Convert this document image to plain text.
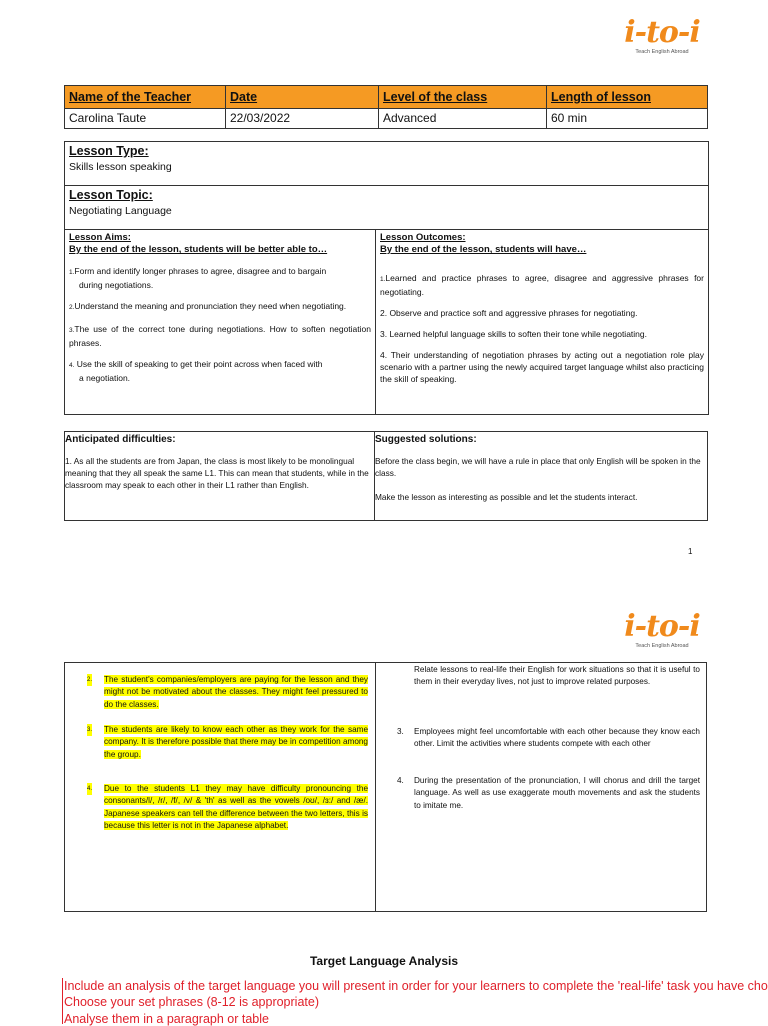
i-to-i
Teach English Abroad
Name of the Teacher	Date	Level of the class	Length of lesson
Carolina Taute	22/03/2022	Advanced	60 min
Lesson Type:
Skills lesson speaking

Lesson Topic:
Negotiating Language

Lesson Aims:
By the end of the lesson, students will be better able to…
1.Form and identify longer phrases to agree, disagree and to bargain
during negotiations.
2.Understand the meaning and pronunciation they need when negotiating.
3.The use of the correct tone during negotiations. How to soften negotiation phrases.
4. Use the skill of speaking to get their point across when faced with
a negotiation.

Lesson Outcomes:
By the end of the lesson, students will have…
1.Learned and practice phrases to agree, disagree and aggressive phrases for negotiating.
2. Observe and practice soft and aggressive phrases for negotiating.
3. Learned helpful language skills to soften their tone while negotiating.
4. Their understanding of negotiation phrases by acting out a negotiation role play scenario with a partner using the newly acquired target language whilst also practicing the skill of speaking.
Anticipated difficulties:
1. As all the students are from Japan, the class is most likely to be monolingual meaning that they all speak the same L1. This can mean that students, while in the classroom may speak to each other in their L1 rather than English.

Suggested solutions:
Before the class begin, we will have a rule in place that only English will be spoken in the class.
Make the lesson as interesting as possible and let the students interact.
1
i-to-i
Teach English Abroad
2. The student's companies/employers are paying for the lesson and they might not be motivated about the classes. They might feel pressured to do the classes.
3. The students are likely to know each other as they work for the same company. It is therefore possible that there may be in competition among the group.
4. Due to the students L1 they may have difficulty pronouncing the consonants/l/, /r/, /f/, /v/ & 'th' as well as the vowels /oʊ/, /ɜ:/ and /æ/. Japanese speakers can tell the difference between the two letters, this is because this letter is not in the Japanese alphabet.
Relate lessons to real-life their English for work situations so that it is useful to them in their everyday lives, not just to improve related purposes.
3. Employees might feel uncomfortable with each other because they know each other. Limit the activities where students compete with each other
4. During the presentation of the pronunciation, I will chorus and drill the target language. As well as use exaggerate mouth movements and ask the students to imitate me.
Target Language Analysis
Include an analysis of the target language you will present in order for your learners to complete the 'real-life' task you have cho
Choose your set phrases (8-12 is appropriate)
Analyse them in a paragraph or table
